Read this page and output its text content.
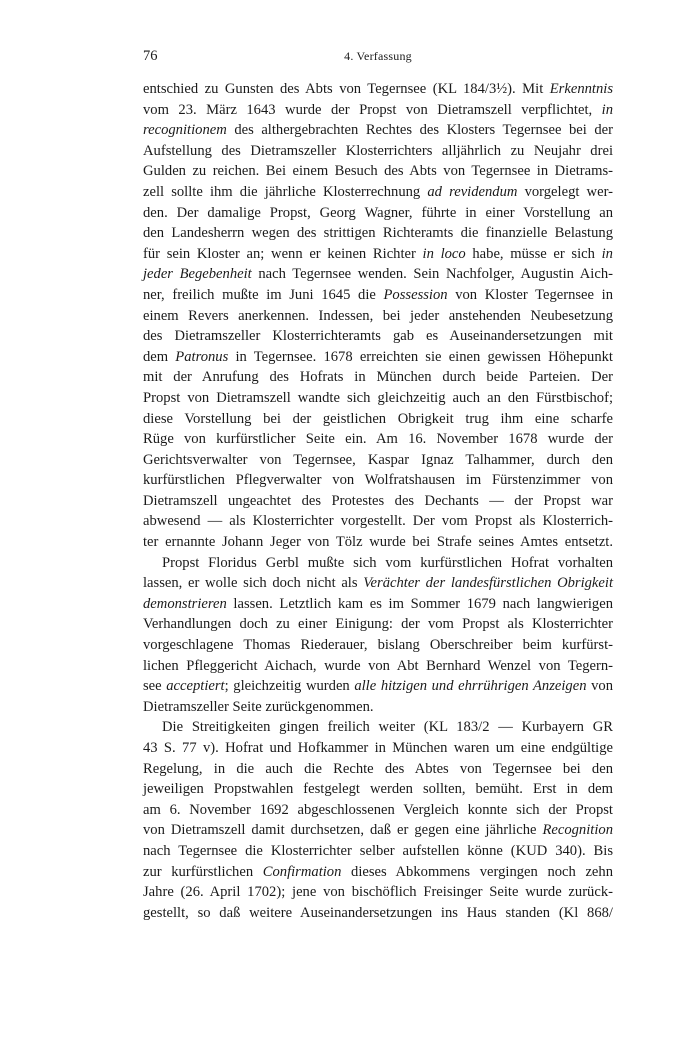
76	4. Verfassung
entschied zu Gunsten des Abts von Tegernsee (KL 184/3½). Mit Erkenntnis
vom 23. März 1643 wurde der Propst von Dietramszell verpflichtet, in
recognitionem des althergebrachten Rechtes des Klosters Tegernsee bei der
Aufstellung des Dietramszeller Klosterrichters alljährlich zu Neujahr drei
Gulden zu reichen. Bei einem Besuch des Abts von Tegernsee in Dietrams-
zell sollte ihm die jährliche Klosterrechnung ad revidendum vorgelegt wer-
den. Der damalige Propst, Georg Wagner, führte in einer Vorstellung an
den Landesherrn wegen des strittigen Richteramts die finanzielle Belastung
für sein Kloster an; wenn er keinen Richter in loco habe, müsse er sich in
jeder Begebenheit nach Tegernsee wenden. Sein Nachfolger, Augustin Aich-
ner, freilich mußte im Juni 1645 die Possession von Kloster Tegernsee in
einem Revers anerkennen. Indessen, bei jeder anstehenden Neubesetzung
des Dietramszeller Klosterrichteramts gab es Auseinandersetzungen mit
dem Patronus in Tegernsee. 1678 erreichten sie einen gewissen Höhepunkt
mit der Anrufung des Hofrats in München durch beide Parteien. Der
Propst von Dietramszell wandte sich gleichzeitig auch an den Fürstbischof;
diese Vorstellung bei der geistlichen Obrigkeit trug ihm eine scharfe
Rüge von kurfürstlicher Seite ein. Am 16. November 1678 wurde der
Gerichtsverwalter von Tegernsee, Kaspar Ignaz Talhammer, durch den
kurfürstlichen Pflegverwalter von Wolfratshausen im Fürstenzimmer von
Dietramszell ungeachtet des Protestes des Dechants — der Propst war
abwesend — als Klosterrichter vorgestellt. Der vom Propst als Klosterrich-
ter ernannte Johann Jeger von Tölz wurde bei Strafe seines Amtes entsetzt.
Propst Floridus Gerbl mußte sich vom kurfürstlichen Hofrat vorhalten
lassen, er wolle sich doch nicht als Verächter der landesfürstlichen Obrigkeit
demonstrieren lassen. Letztlich kam es im Sommer 1679 nach langwierigen
Verhandlungen doch zu einer Einigung: der vom Propst als Klosterrichter
vorgeschlagene Thomas Riederauer, bislang Oberschreiber beim kurfürst-
lichen Pfleggericht Aichach, wurde von Abt Bernhard Wenzel von Tegern-
see acceptiert; gleichzeitig wurden alle hitzigen und ehrrührigen Anzeigen von
Dietramszeller Seite zurückgenommen.
Die Streitigkeiten gingen freilich weiter (KL 183/2 — Kurbayern GR
43 S. 77 v). Hofrat und Hofkammer in München waren um eine endgültige
Regelung, in die auch die Rechte des Abtes von Tegernsee bei den
jeweiligen Propstwahlen festgelegt werden sollten, bemüht. Erst in dem
am 6. November 1692 abgeschlossenen Vergleich konnte sich der Propst
von Dietramszell damit durchsetzen, daß er gegen eine jährliche Recognition
nach Tegernsee die Klosterrichter selber aufstellen könne (KUD 340). Bis
zur kurfürstlichen Confirmation dieses Abkommens vergingen noch zehn
Jahre (26. April 1702); jene von bischöflich Freisinger Seite wurde zurück-
gestellt, so daß weitere Auseinandersetzungen ins Haus standen (Kl 868/
